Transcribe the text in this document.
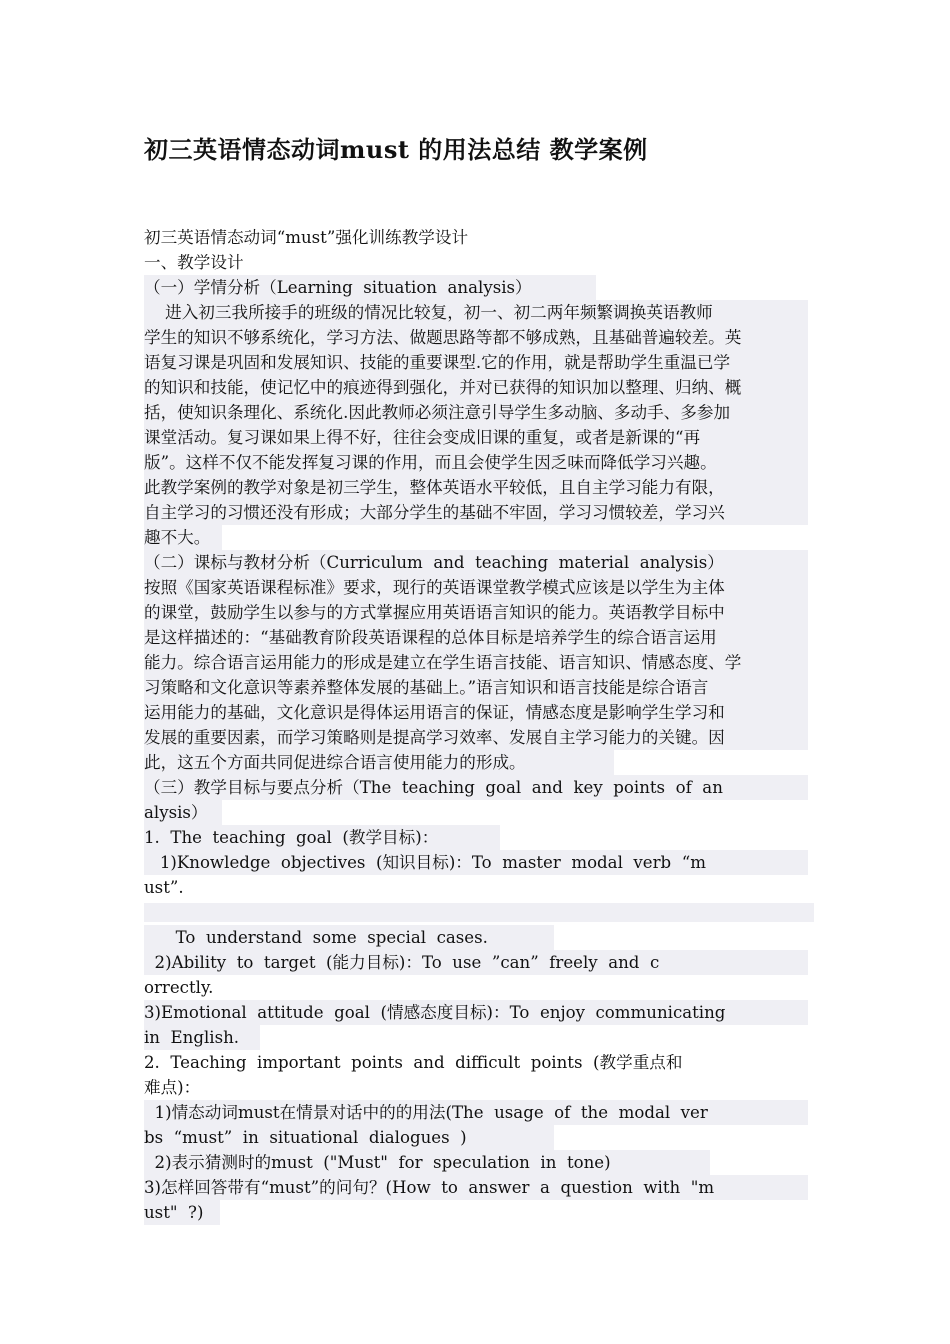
初三英语情态动词must 的用法总结 教学案例
初三英语情态动词“must”强化训练教学设计
一、教学设计
（一）学情分析（Learning  situation  analysis）
进入初三我所接手的班级的情况比较复，初一、初二两年频繁调换英语教师
学生的知识不够系统化，学习方法、做题思路等都不够成熟，且基础普遍较差。英
语复习课是巩固和发展知识、技能的重要课型.它的作用，就是帮助学生重温已学
的知识和技能，使记忆中的痕迹得到强化，并对已获得的知识加以整理、归纳、概
括，使知识条理化、系统化.因此教师必须注意引导学生多动脑、多动手、多参加
课堂活动。复习课如果上得不好，往往会变成旧课的重复，或者是新课的“再
版”。这样不仅不能发挥复习课的作用，而且会使学生因乏味而降低学习兴趣。
此教学案例的教学对象是初三学生，整体英语水平较低，且自主学习能力有限，
自主学习的习惯还没有形成；大部分学生的基础不牢固，学习习惯较差，学习兴
趣不大。
（二）课标与教材分析（Curriculum  and  teaching  material  analysis）
按照《国家英语课程标准》要求，现行的英语课堂教学模式应该是以学生为主体
的课堂，鼓励学生以参与的方式掌握应用英语语言知识的能力。英语教学目标中
是这样描述的：“基础教育阶段英语课程的总体目标是培养学生的综合语言运用
能力。综合语言运用能力的形成是建立在学生语言技能、语言知识、情感态度、学
习策略和文化意识等素养整体发展的基础上。”语言知识和语言技能是综合语言
运用能力的基础，文化意识是得体运用语言的保证，情感态度是影响学生学习和
发展的重要因素，而学习策略则是提高学习效率、发展自主学习能力的关键。因
此，这五个方面共同促进综合语言使用能力的形成。
（三）教学目标与要点分析（The  teaching  goal  and  key  points  of  an
alysis）
1.  The  teaching  goal  (教学目标)：
1)Knowledge  objectives  (知识目标)：To  master  modal  verb  “m
ust”.
To  understand  some  special  cases.
2)Ability  to  target  (能力目标)：To  use  ”can”  freely  and  c
orrectly.
3)Emotional  attitude  goal  (情感态度目标)：To  enjoy  communicating
in  English.
2.  Teaching  important  points  and  difficult  points  (教学重点和
难点)：
1)情态动词must在情景对话中的的用法(The  usage  of  the  modal  ver
bs  “must”  in  situational  dialogues  )
2)表示猜测时的must  ("Must"  for  speculation  in  tone)
3)怎样回答带有“must”的问句？(How  to  answer  a  question  with  "m
ust"  ?)
